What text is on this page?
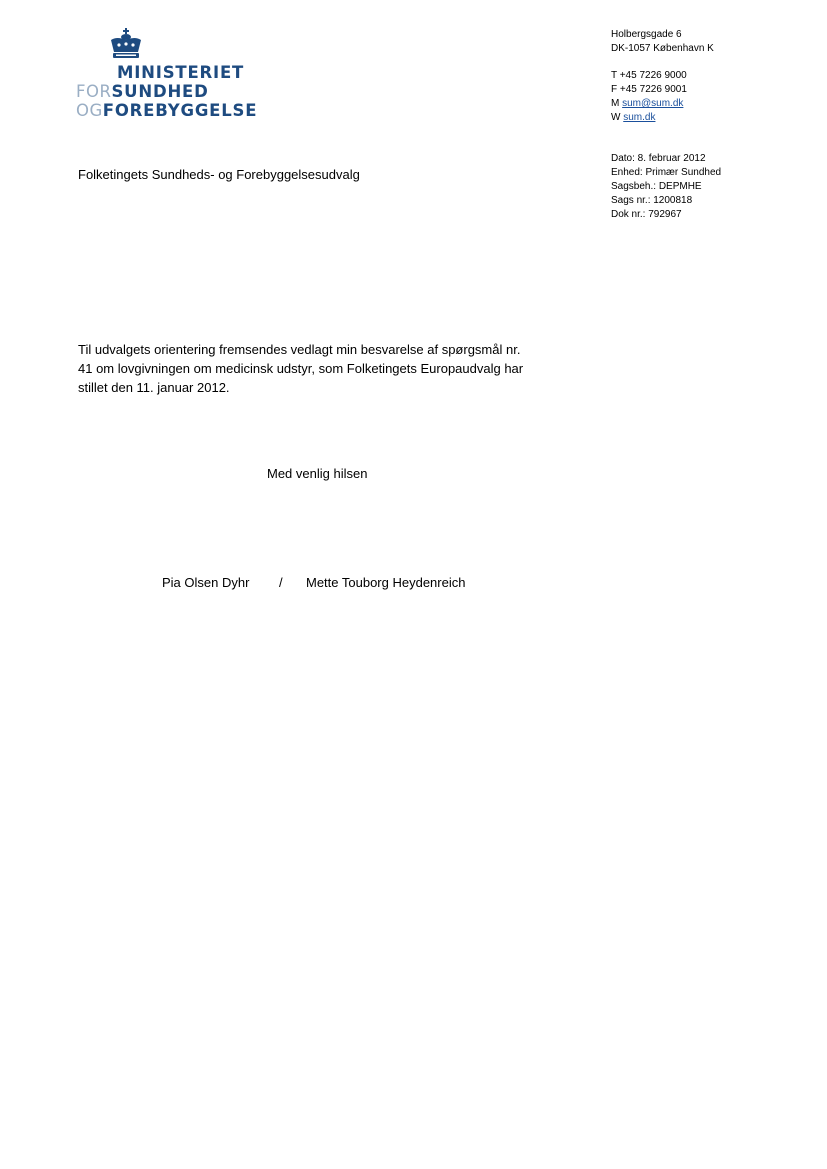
MINISTERIET
FORSUNDHED
OGFOREBYGGELSE
Holbergsgade 6
DK-1057 København K
T +45 7226 9000
F +45 7226 9001
M sum@sum.dk
W sum.dk
Dato: 8. februar 2012
Enhed: Primær Sundhed
Sagsbeh.: DEPMHE
Sags nr.: 1200818
Dok nr.: 792967
Folketingets Sundheds- og Forebyggelsesudvalg
Til udvalgets orientering fremsendes vedlagt min besvarelse af spørgsmål nr.
41 om lovgivningen om medicinsk udstyr, som Folketingets Europaudvalg har
stillet den 11. januar 2012.
Med venlig hilsen
Pia Olsen Dyhr / Mette Touborg Heydenreich
